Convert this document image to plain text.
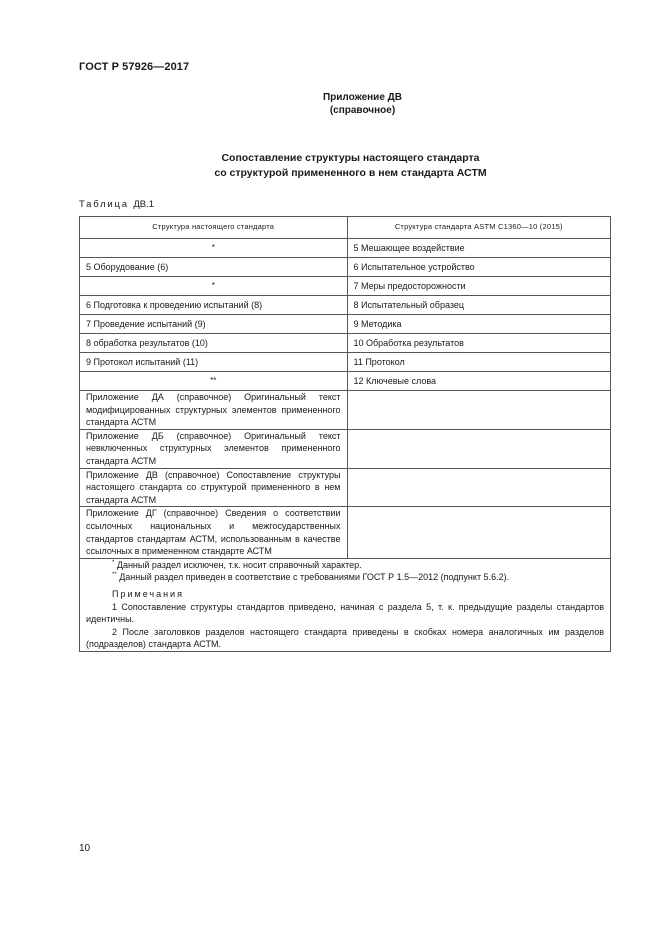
ГОСТ Р 57926—2017
Приложение ДВ
(справочное)
Сопоставление структуры настоящего стандарта
со структурой примененного в нем стандарта АСТМ
Таблица ДВ.1
Структура настоящего стандарта	Структура стандарта ASTM C1360—10 (2015)
*	5 Мешающее воздействие
5 Оборудование (6)	6 Испытательное устройство
*	7 Меры предосторожности
6 Подготовка к проведению испытаний (8)	8 Испытательный образец
7 Проведение испытаний (9)	9 Методика
8 обработка результатов (10)	10 Обработка результатов
9 Протокол испытаний (11)	11 Протокол
**	12 Ключевые слова
Приложение ДА (справочное) Оригинальный текст модифицированных структурных элементов примененного стандарта АСТМ	
Приложение ДБ (справочное) Оригинальный текст невключенных структурных элементов примененного стандарта АСТМ	
Приложение ДВ (справочное) Сопоставление структуры настоящего стандарта со структурой примененного в нем стандарта АСТМ	
Приложение ДГ (справочное) Сведения о соответствии ссылочных национальных и межгосударственных стандартов стандартам АСТМ, использованным в качестве ссылочных в примененном стандарте АСТМ	

* Данный раздел исключен, т.к. носит справочный характер.
** Данный раздел приведен в соответствие с требованиями ГОСТ Р 1.5—2012 (подпункт 5.6.2).
Примечания
1 Сопоставление структуры стандартов приведено, начиная с раздела 5, т. к. предыдущие разделы стандартов идентичны.
2 После заголовков разделов настоящего стандарта приведены в скобках номера аналогичных им разделов (подразделов) стандарта АСТМ.	
10
